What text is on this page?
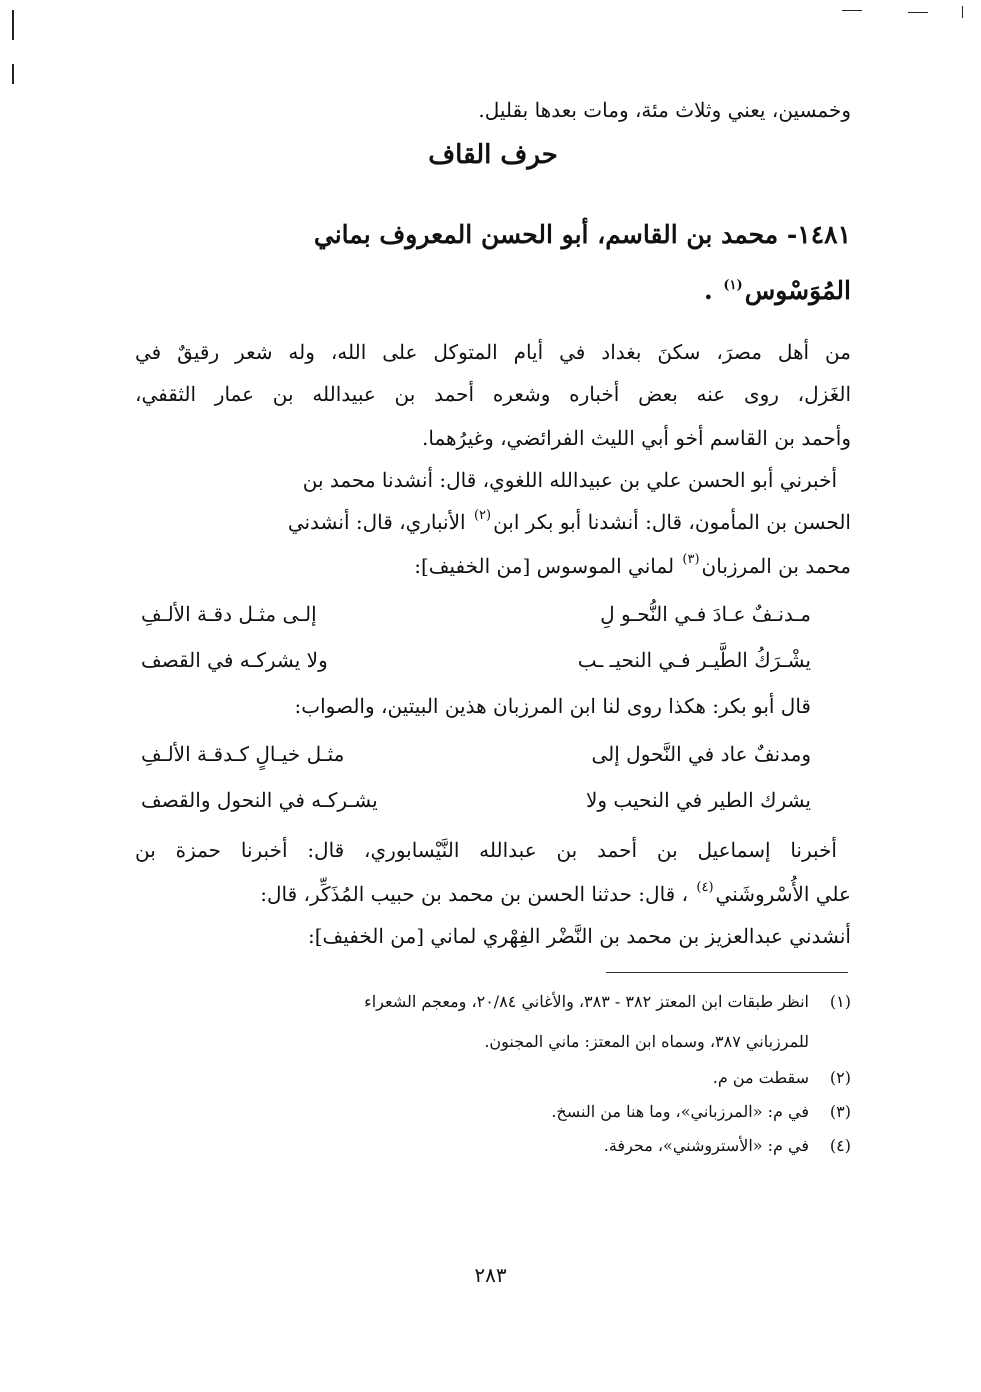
وخمسين، يعني وثلاث مئة، ومات بعدها بقليل.
حرف القاف
١٤٨١- محمد بن القاسم، أبو الحسن المعروف بماني
المُوَسْوس$^{(١)}$ .
من أهل مصرَ، سكنَ بغداد في أيام المتوكل على الله، وله شعر رقيقٌ في
الغَزل، روى عنه بعض أخباره وشعره أحمد بن عبيدالله بن عمار الثقفي،
وأحمد بن القاسم أخو أبي الليث الفرائضي، وغيرُهما.
أخبرني أبو الحسن علي بن عبيدالله اللغوي، قال: أنشدنا محمد بن
الحسن بن المأمون، قال: أنشدنا أبو بكر ابن$^{(٢)}$ الأنباري، قال: أنشدني
محمد بن المرزبان$^{(٣)}$ لماني الموسوس [من الخفيف]:
مـدنـفٌ عـادَ فـي النُّحـو لِ
إلـى مثـل دقـة الألـفِ
يشْـرَكُ الطَّيـر فـي النحيـ ـب
ولا يشركـه في القصف
قال أبو بكر: هكذا روى لنا ابن المرزبان هذين البيتين، والصواب:
ومدنفٌ عاد في النَّحول إلى
مثـل خيـالٍ كـدقـة الألـفِ
يشرك الطير في النحيب ولا
يشـركـه في النحول والقصف
أخبرنا إسماعيل بن أحمد بن عبدالله النَّيْسابوري، قال: أخبرنا حمزة بن
علي الأُسْروشَني$^{(٤)}$ ، قال: حدثنا الحسن بن محمد بن حبيب المُذَكِّر، قال:
أنشدني عبدالعزيز بن محمد بن النَّضْر الفِهْري لماني [من الخفيف]:
(١)انظر طبقات ابن المعتز ٣٨٢ - ٣٨٣، والأغاني ٢٠/٨٤، ومعجم الشعراء
للمرزباني ٣٨٧، وسماه ابن المعتز: ماني المجنون.
(٢)سقطت من م.
(٣)في م: «المرزباني»، وما هنا من النسخ.
(٤)في م: «الأستروشني»، محرفة.
٢٨٣
